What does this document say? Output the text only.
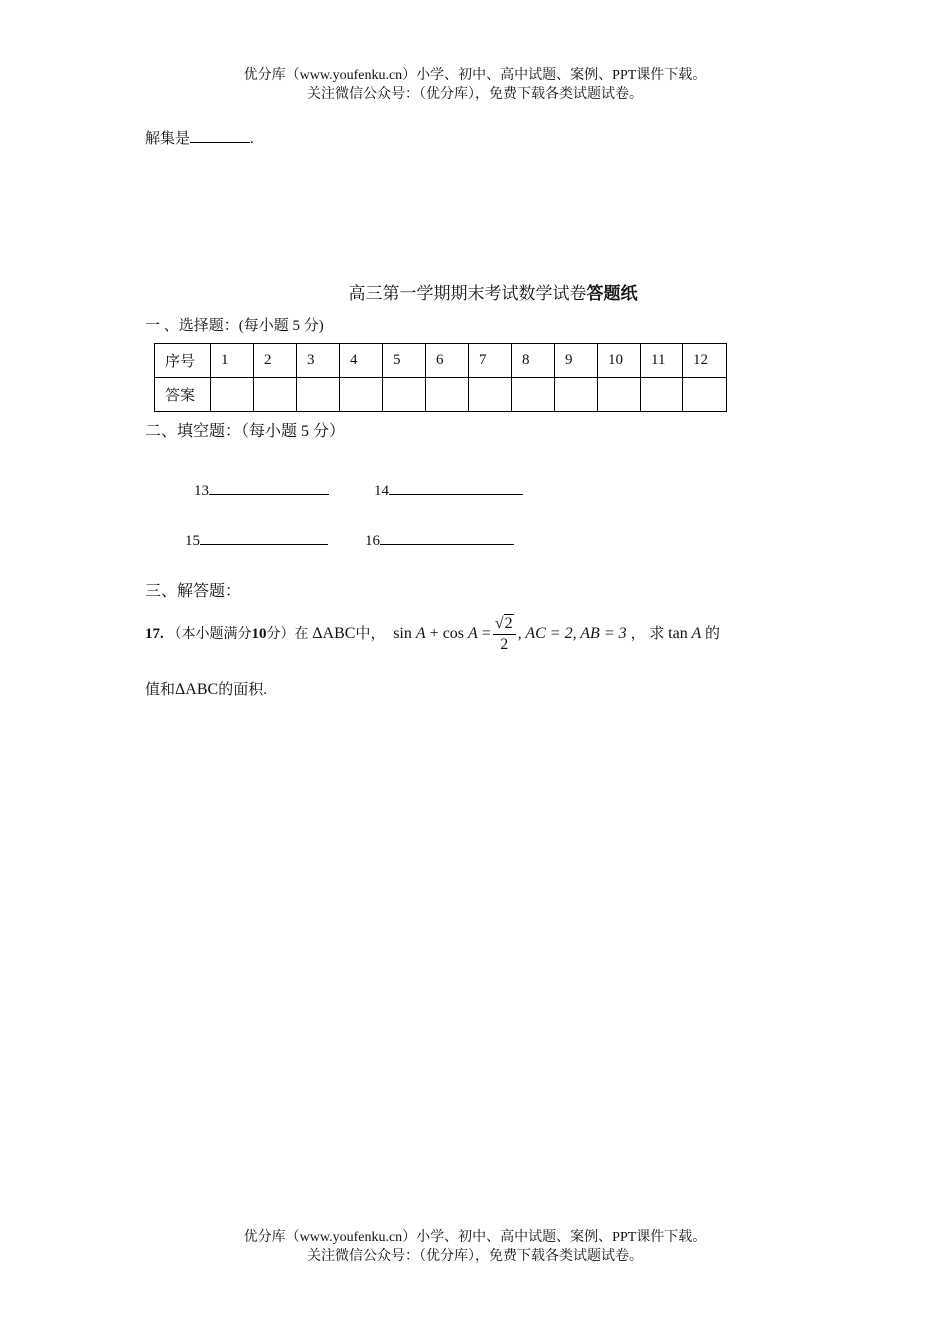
优分库（www.youfenku.cn）小学、初中、高中试题、案例、PPT课件下载。
关注微信公众号：（优分库），免费下载各类试题试卷。
解集是	.
高三第一学期期末考试数学试卷答题纸
一 、选择题：(每小题 5 分)
序号	1	2	3	4	5	6	7	8	9	10	11	12
答案												
二、填空题：（每小题 5 分）
13	14
15	16
三、解答题：
17. （本小题满分10分）在 ΔABC中， $\sin A + \cos A = \frac{√2}{2}$ , AC = 2, AB = 3 ， 求 tan A 的
值和ΔABC的面积.
优分库（www.youfenku.cn）小学、初中、高中试题、案例、PPT课件下载。
关注微信公众号：（优分库），免费下载各类试题试卷。
